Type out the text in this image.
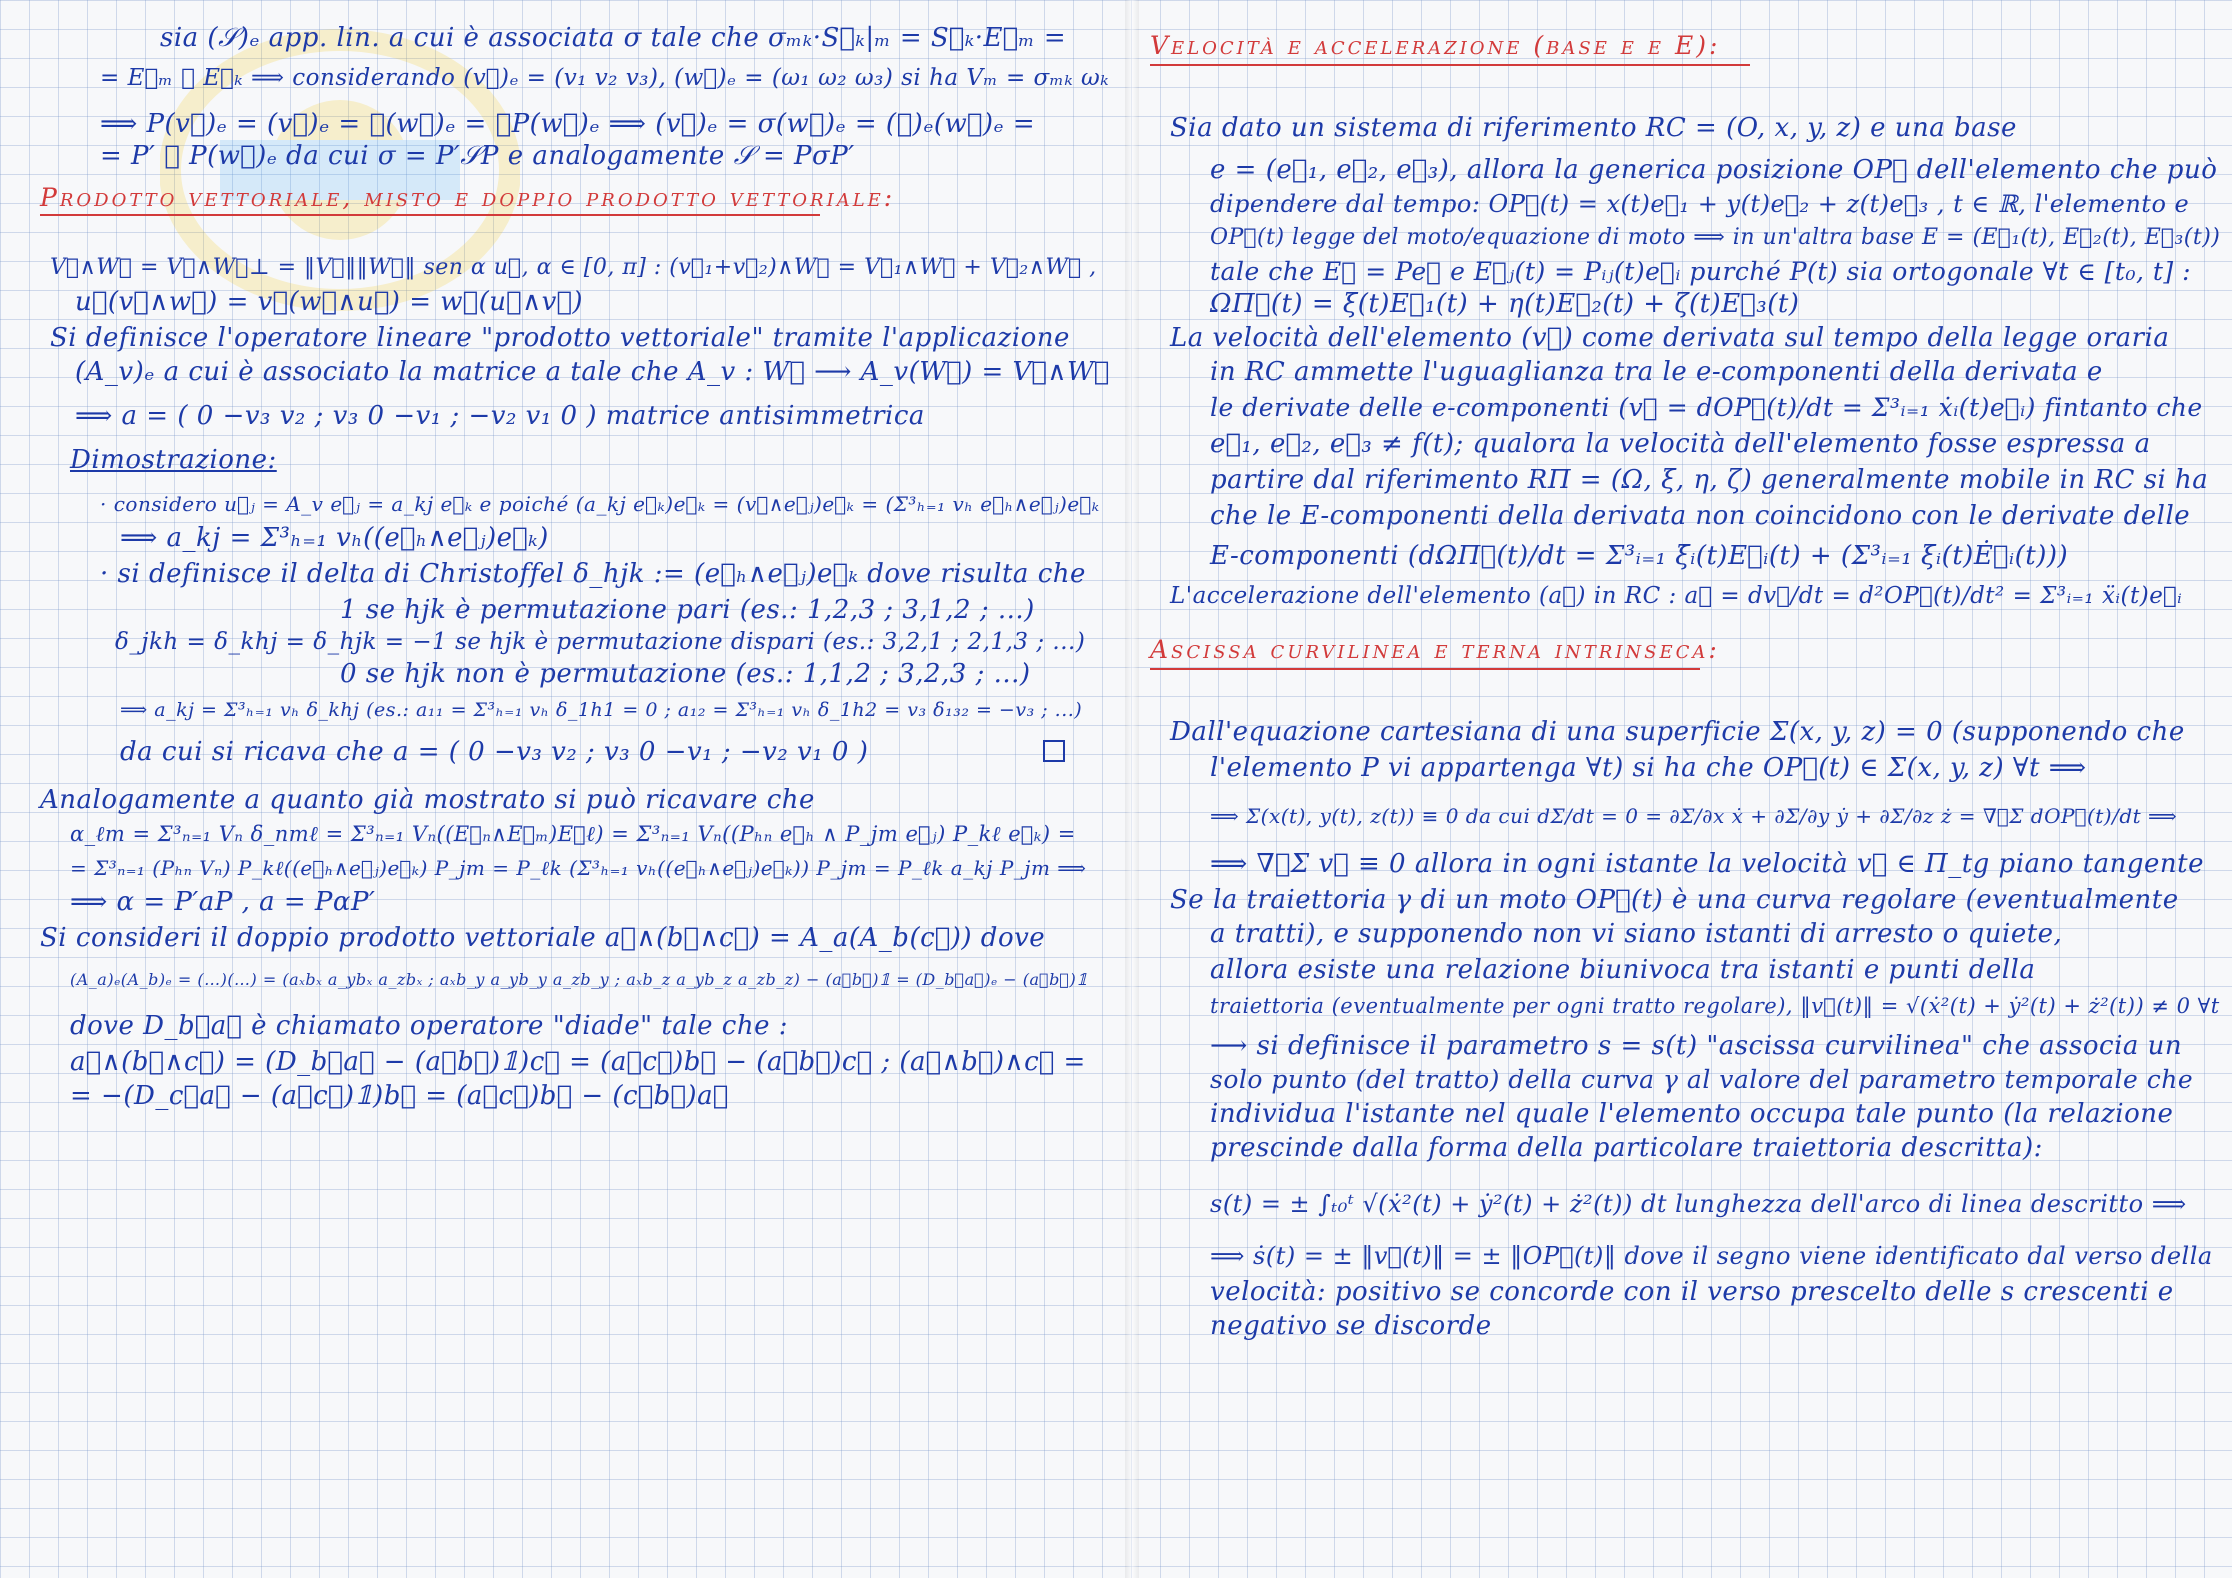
sia (𝒮)ₑ app. lin. a cui è associata σ tale che σₘₖ·S⃗ₖ|ₘ = S⃗ₖ·E⃗ₘ =
= E⃗ₘ 𝒮 E⃗ₖ ⟹ considerando (v⃗)ₑ = (v₁ v₂ v₃), (w⃗)ₑ = (ω₁ ω₂ ω₃) si ha Vₘ = σₘₖ ωₖ
⟹ P(v⃗)ₑ = (v⃗)ₑ = 𝒮(w⃗)ₑ = 𝒮P(w⃗)ₑ ⟹ (v⃗)ₑ = σ(w⃗)ₑ = (𝒮)ₑ(w⃗)ₑ =
= P′ 𝒮 P(w⃗)ₑ da cui σ = P′𝒮P e analogamente 𝒮 = PσP′
Prodotto vettoriale, misto e doppio prodotto vettoriale:
V⃗∧W⃗ = V⃗∧W⃗⊥ = ‖V⃗‖‖W⃗‖ sen α u⃗, α ∈ [0, π] : (v⃗₁+v⃗₂)∧W⃗ = V⃗₁∧W⃗ + V⃗₂∧W⃗ ,
u⃗(v⃗∧w⃗) = v⃗(w⃗∧u⃗) = w⃗(u⃗∧v⃗)
Si definisce l'operatore lineare "prodotto vettoriale" tramite l'applicazione
(A_v)ₑ a cui è associato la matrice a tale che A_v : W⃗ ⟶ A_v(W⃗) = V⃗∧W⃗
⟹ a = ( 0 −v₃ v₂ ; v₃ 0 −v₁ ; −v₂ v₁ 0 ) matrice antisimmetrica
Dimostrazione:
· considero u⃗ⱼ = A_v e⃗ⱼ = a_kj e⃗ₖ e poiché (a_kj e⃗ₖ)e⃗ₖ = (v⃗∧e⃗ⱼ)e⃗ₖ = (Σ³ₕ₌₁ vₕ e⃗ₕ∧e⃗ⱼ)e⃗ₖ
⟹ a_kj = Σ³ₕ₌₁ vₕ((e⃗ₕ∧e⃗ⱼ)e⃗ₖ)
· si definisce il delta di Christoffel δ_hjk := (e⃗ₕ∧e⃗ⱼ)e⃗ₖ dove risulta che
1 se hjk è permutazione pari (es.: 1,2,3 ; 3,1,2 ; ...)
δ_jkh = δ_khj = δ_hjk = −1 se hjk è permutazione dispari (es.: 3,2,1 ; 2,1,3 ; ...)
0 se hjk non è permutazione (es.: 1,1,2 ; 3,2,3 ; ...)
⟹ a_kj = Σ³ₕ₌₁ vₕ δ_khj (es.: a₁₁ = Σ³ₕ₌₁ vₕ δ_1h1 = 0 ; a₁₂ = Σ³ₕ₌₁ vₕ δ_1h2 = v₃ δ₁₃₂ = −v₃ ; ...)
da cui si ricava che a = ( 0 −v₃ v₂ ; v₃ 0 −v₁ ; −v₂ v₁ 0 )
Analogamente a quanto già mostrato si può ricavare che
α_ℓm = Σ³ₙ₌₁ Vₙ δ_nmℓ = Σ³ₙ₌₁ Vₙ((E⃗ₙ∧E⃗ₘ)E⃗ℓ) = Σ³ₙ₌₁ Vₙ((Pₕₙ e⃗ₕ ∧ P_jm e⃗ⱼ) P_kℓ e⃗ₖ) =
= Σ³ₙ₌₁ (Pₕₙ Vₙ) P_kℓ((e⃗ₕ∧e⃗ⱼ)e⃗ₖ) P_jm = P_ℓk (Σ³ₕ₌₁ vₕ((e⃗ₕ∧e⃗ⱼ)e⃗ₖ)) P_jm = P_ℓk a_kj P_jm ⟹
⟹ α = P′aP , a = PαP′
Si consideri il doppio prodotto vettoriale a⃗∧(b⃗∧c⃗) = A_a(A_b(c⃗)) dove
(A_a)ₑ(A_b)ₑ = (…)(…) = (aₓbₓ a_ybₓ a_zbₓ ; aₓb_y a_yb_y a_zb_y ; aₓb_z a_yb_z a_zb_z) − (a⃗b⃗)𝟙 = (D_b⃗a⃗)ₑ − (a⃗b⃗)𝟙
dove D_b⃗a⃗ è chiamato operatore "diade" tale che :
a⃗∧(b⃗∧c⃗) = (D_b⃗a⃗ − (a⃗b⃗)𝟙)c⃗ = (a⃗c⃗)b⃗ − (a⃗b⃗)c⃗ ; (a⃗∧b⃗)∧c⃗ =
= −(D_c⃗a⃗ − (a⃗c⃗)𝟙)b⃗ = (a⃗c⃗)b⃗ − (c⃗b⃗)a⃗
Velocità e accelerazione (base e e E):
Sia dato un sistema di riferimento RC = (O, x, y, z) e una base
e = (e⃗₁, e⃗₂, e⃗₃), allora la generica posizione OP⃗ dell'elemento che può
dipendere dal tempo: OP⃗(t) = x(t)e⃗₁ + y(t)e⃗₂ + z(t)e⃗₃ , t ∈ ℝ, l'elemento e
OP⃗(t) legge del moto/equazione di moto ⟹ in un'altra base E = (E⃗₁(t), E⃗₂(t), E⃗₃(t))
tale che E⃗ = Pe⃗ e E⃗ⱼ(t) = Pᵢⱼ(t)e⃗ᵢ purché P(t) sia ortogonale ∀t ∈ [t₀, t] :
ΩΠ⃗(t) = ξ(t)E⃗₁(t) + η(t)E⃗₂(t) + ζ(t)E⃗₃(t)
La velocità dell'elemento (v⃗) come derivata sul tempo della legge oraria
in RC ammette l'uguaglianza tra le e-componenti della derivata e
le derivate delle e-componenti (v⃗ = dOP⃗(t)/dt = Σ³ᵢ₌₁ ẋᵢ(t)e⃗ᵢ) fintanto che
e⃗₁, e⃗₂, e⃗₃ ≠ f(t); qualora la velocità dell'elemento fosse espressa a
partire dal riferimento RΠ = (Ω, ξ, η, ζ) generalmente mobile in RC si ha
che le E-componenti della derivata non coincidono con le derivate delle
E-componenti (dΩΠ⃗(t)/dt = Σ³ᵢ₌₁ ξ̇ᵢ(t)E⃗ᵢ(t) + (Σ³ᵢ₌₁ ξᵢ(t)Ė⃗ᵢ(t)))
L'accelerazione dell'elemento (a⃗) in RC : a⃗ = dv⃗/dt = d²OP⃗(t)/dt² = Σ³ᵢ₌₁ ẍᵢ(t)e⃗ᵢ
Ascissa curvilinea e terna intrinseca:
Dall'equazione cartesiana di una superficie Σ(x, y, z) = 0 (supponendo che
l'elemento P vi appartenga ∀t) si ha che OP⃗(t) ∈ Σ(x, y, z) ∀t ⟹
⟹ Σ(x(t), y(t), z(t)) ≡ 0 da cui dΣ/dt = 0 = ∂Σ/∂x ẋ + ∂Σ/∂y ẏ + ∂Σ/∂z ż = ∇⃗Σ dOP⃗(t)/dt ⟹
⟹ ∇⃗Σ v⃗ ≡ 0 allora in ogni istante la velocità v⃗ ∈ Π_tg piano tangente
Se la traiettoria γ di un moto OP⃗(t) è una curva regolare (eventualmente
a tratti), e supponendo non vi siano istanti di arresto o quiete,
allora esiste una relazione biunivoca tra istanti e punti della
traiettoria (eventualmente per ogni tratto regolare), ‖v⃗(t)‖ = √(ẋ²(t) + ẏ²(t) + ż²(t)) ≠ 0 ∀t
⟶ si definisce il parametro s = s(t) "ascissa curvilinea" che associa un
solo punto (del tratto) della curva γ al valore del parametro temporale che
individua l'istante nel quale l'elemento occupa tale punto (la relazione
prescinde dalla forma della particolare traiettoria descritta):
s(t) = ± ∫ₜ₀ᵗ √(ẋ²(t) + ẏ²(t) + ż²(t)) dt lunghezza dell'arco di linea descritto ⟹
⟹ ṡ(t) = ± ‖v⃗(t)‖ = ± ‖OP⃗(t)‖ dove il segno viene identificato dal verso della
velocità: positivo se concorde con il verso prescelto delle s crescenti e
negativo se discorde
